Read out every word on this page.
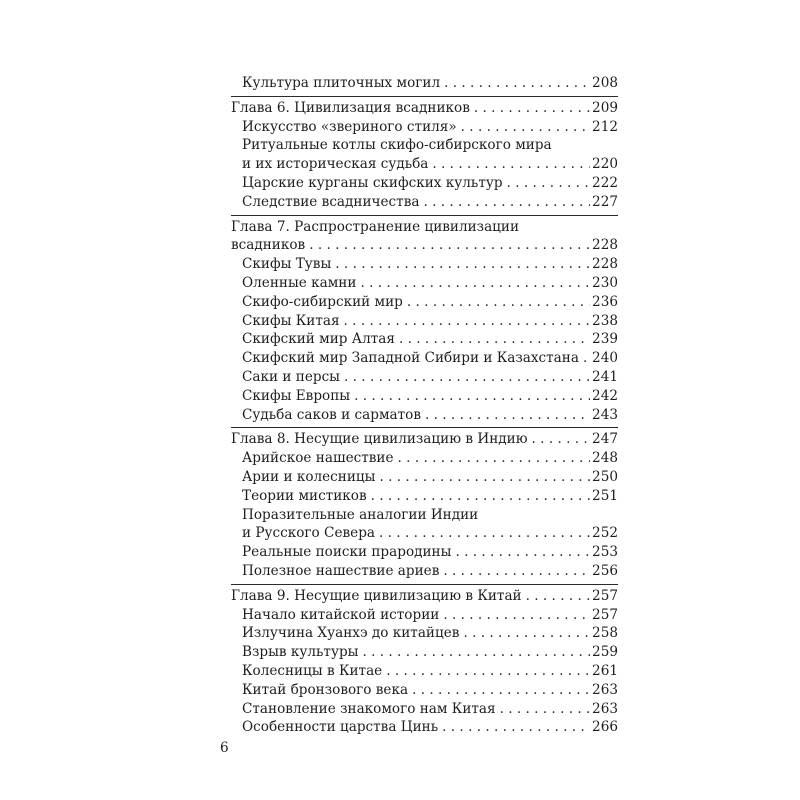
Культура плиточных могил . . .	208
Глава 6. Цивилизация всадников . . .	209
Искусство «звериного стиля» . . .	212
Ритуальные котлы скифо-сибирского мира
и их историческая судьба . . .	220
Царские курганы скифских культур . . .	222
Следствие всадничества . . .	227
Глава 7. Распространение цивилизации
всадников . . .	228
Скифы Тувы . . .	228
Оленные камни . . .	230
Скифо-сибирский мир . . .	236
Скифы Китая . . .	238
Скифский мир Алтая . . .	239
Скифский мир Западной Сибири и Казахстана . . . 240
Саки и персы . . .	241
Скифы Европы . . .	242
Судьба саков и сарматов . . .	243
Глава 8. Несущие цивилизацию в Индию . . .	247
Арийское нашествие . . .	248
Арии и колесницы . . .	250
Теории мистиков . . .	251
Поразительные аналогии Индии
и Русского Севера . . .	252
Реальные поиски прародины . . .	253
Полезное нашествие ариев . . .	256
Глава 9. Несущие цивилизацию в Китай . . .	257
Начало китайской истории . . .	257
Излучина Хуанхэ до китайцев . . .	258
Взрыв культуры . . .	259
Колесницы в Китае . . .	261
Китай бронзового века . . .	263
Становление знакомого нам Китая . . .	263
Особенности царства Цинь . . .	266
6
